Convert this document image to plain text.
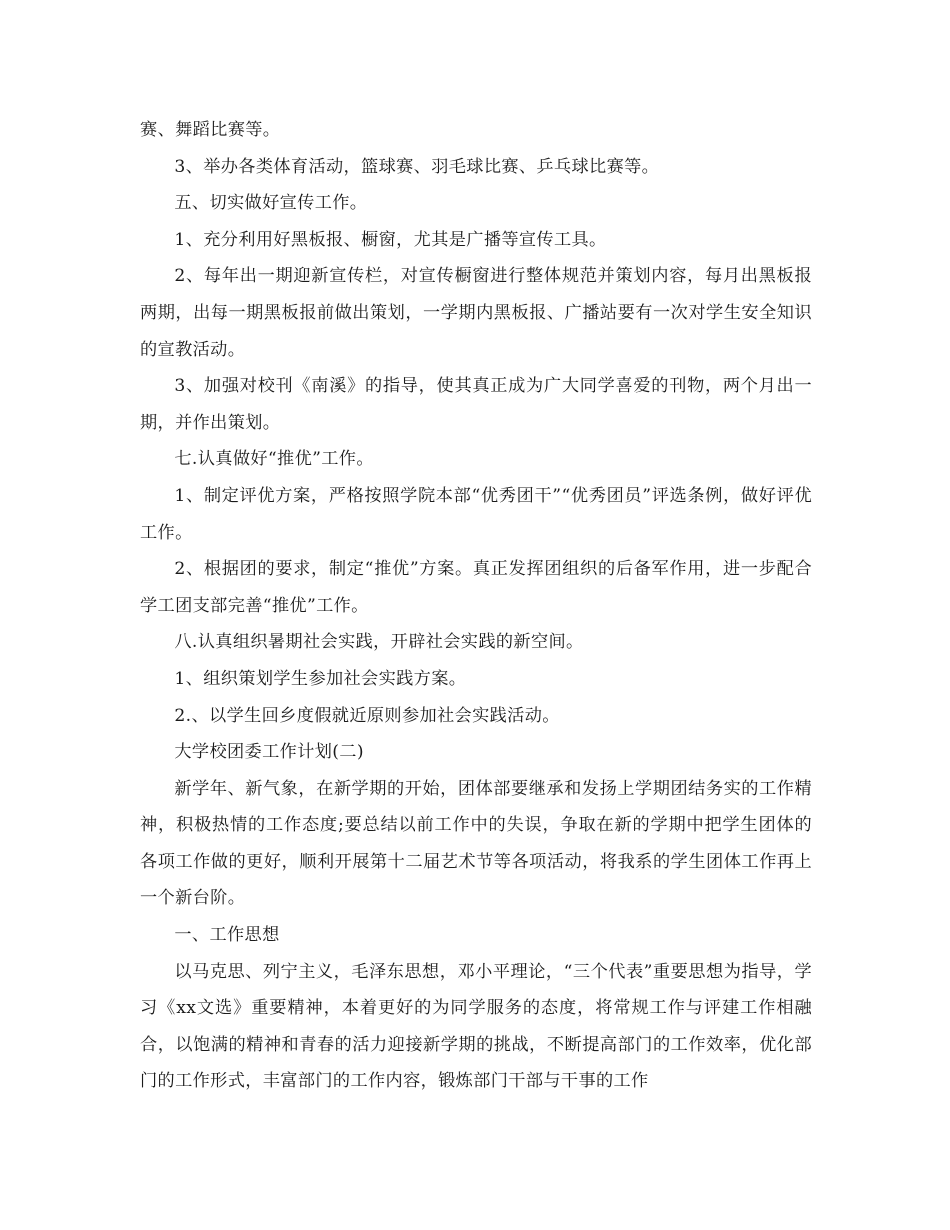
赛、舞蹈比赛等。

3、举办各类体育活动，篮球赛、羽毛球比赛、乒乓球比赛等。

五、切实做好宣传工作。

1、充分利用好黑板报、橱窗，尤其是广播等宣传工具。

2、每年出一期迎新宣传栏，对宣传橱窗进行整体规范并策划内容，每月出黑板报两期，出每一期黑板报前做出策划，一学期内黑板报、广播站要有一次对学生安全知识的宣教活动。

3、加强对校刊《南溪》的指导，使其真正成为广大同学喜爱的刊物，两个月出一期，并作出策划。

七.认真做好“推优”工作。

1、制定评优方案，严格按照学院本部“优秀团干”“优秀团员”评选条例，做好评优工作。

2、根据团的要求，制定“推优”方案。真正发挥团组织的后备军作用，进一步配合学工团支部完善“推优”工作。

八.认真组织暑期社会实践，开辟社会实践的新空间。

1、组织策划学生参加社会实践方案。

2.、以学生回乡度假就近原则参加社会实践活动。

大学校团委工作计划(二)

新学年、新气象，在新学期的开始，团体部要继承和发扬上学期团结务实的工作精神，积极热情的工作态度;要总结以前工作中的失误，争取在新的学期中把学生团体的各项工作做的更好，顺利开展第十二届艺术节等各项活动，将我系的学生团体工作再上一个新台阶。

一、工作思想

以马克思、列宁主义，毛泽东思想，邓小平理论，“三个代表”重要思想为指导，学习《xx文选》重要精神，本着更好的为同学服务的态度，将常规工作与评建工作相融合，以饱满的精神和青春的活力迎接新学期的挑战，不断提高部门的工作效率，优化部门的工作形式，丰富部门的工作内容，锻炼部门干部与干事的工作
